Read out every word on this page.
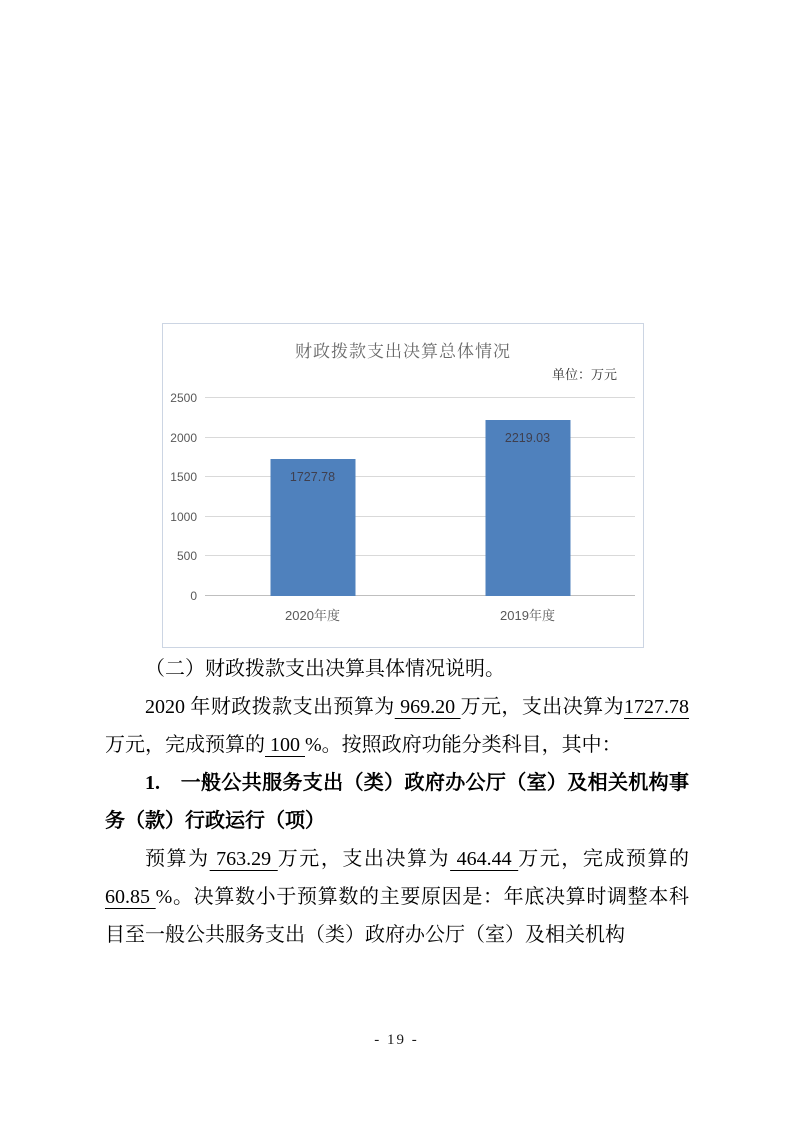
财政拨款支出决算总体情况
单位：万元
0
500
1000
1500
2000
2500
1727.78
2020年度
2219.03
2019年度

（二）财政拨款支出决算具体情况说明。

2020 年财政拨款支出预算为 969.20 万元，支出决算为1727.78 万元，完成预算的 100 %。按照政府功能分类科目，其中：

1.　一般公共服务支出（类）政府办公厅（室）及相关机构事务（款）行政运行（项）

预算为 763.29 万元，支出决算为 464.44 万元，完成预算的 60.85 %。决算数小于预算数的主要原因是：年底决算时调整本科目至一般公共服务支出（类）政府办公厅（室）及相关机构

- 19 -
